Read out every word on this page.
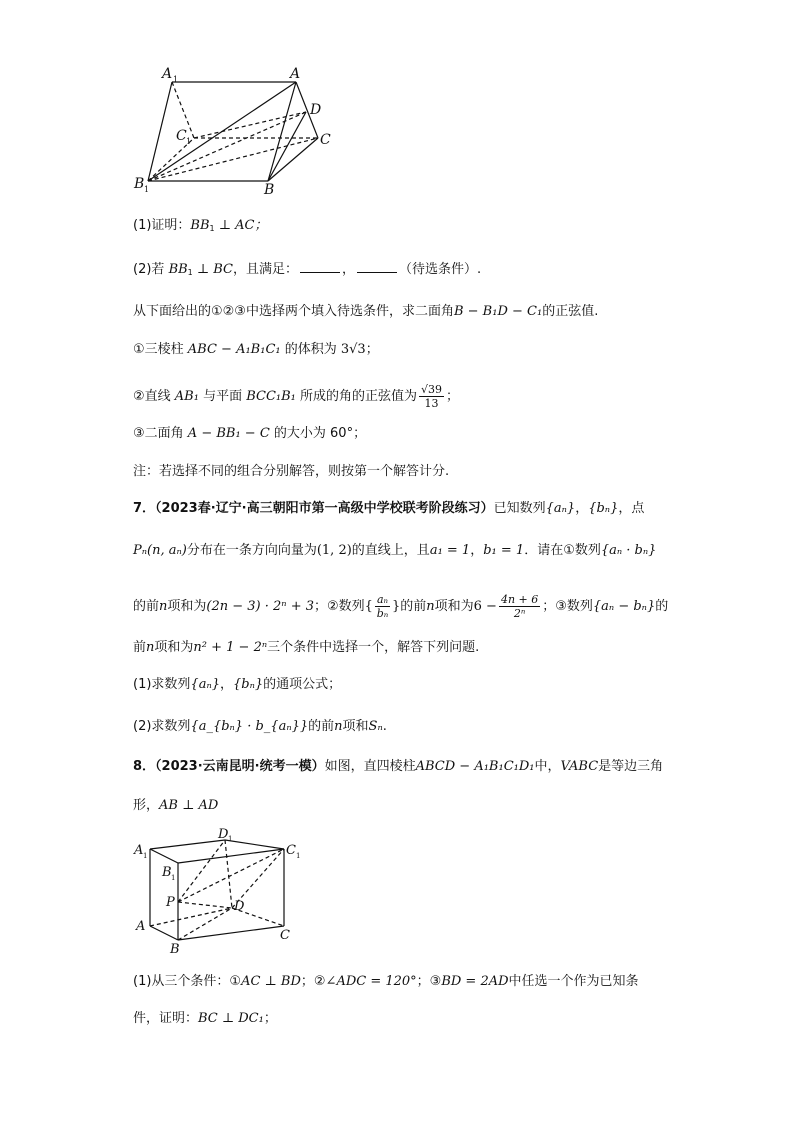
A 1	A
D
C 1	C
B 1	B
(1)证明：$BB_1$ ⊥ AC；
(2)若 $BB_1$ ⊥ BC，且满足：	，	（待选条件）.
从下面给出的①②③中选择两个填入待选条件，求二面角B − B₁D − C₁的正弦值.
①三棱柱 ABC − A₁B₁C₁ 的体积为 3√3；
②直线 AB₁ 与平面 BCC₁B₁ 所成的角的正弦值为 $\frac{√39}{13}$ ；
③二面角 A − BB₁ − C 的大小为 60°；
注：若选择不同的组合分别解答，则按第一个解答计分.
7．（2023春·辽宁·高三朝阳市第一高级中学校联考阶段练习）已知数列{aₙ}，{bₙ}，点
Pₙ(n, aₙ)分布在一条方向向量为(1, 2)的直线上，且a₁ = 1，b₁ = 1．请在①数列{aₙ · bₙ}
的前n项和为(2n − 3) · 2ⁿ + 3；②数列{ $\frac{\text{aₙ}}{\text{bₙ}}$ }的前n项和为$6 - \frac{4n + 6}{\text{2ⁿ}}$ ；③数列{aₙ − bₙ}的
前n项和为n² + 1 − 2ⁿ三个条件中选择一个，解答下列问题.
(1)求数列{aₙ}，{bₙ}的通项公式；
(2)求数列{a_{bₙ} · b_{aₙ}}的前n项和Sₙ.
8．（2023·云南昆明·统考一模）如图，直四棱柱ABCD − A₁B₁C₁D₁中，VABC是等边三角
形，AB ⊥ AD
A 1
D 1
C 1
B 1
P	D
A
C
B
(1)从三个条件：①AC ⊥ BD；②∠ADC = 120°；③BD = 2AD中任选一个作为已知条
件，证明：BC ⊥ DC₁；
